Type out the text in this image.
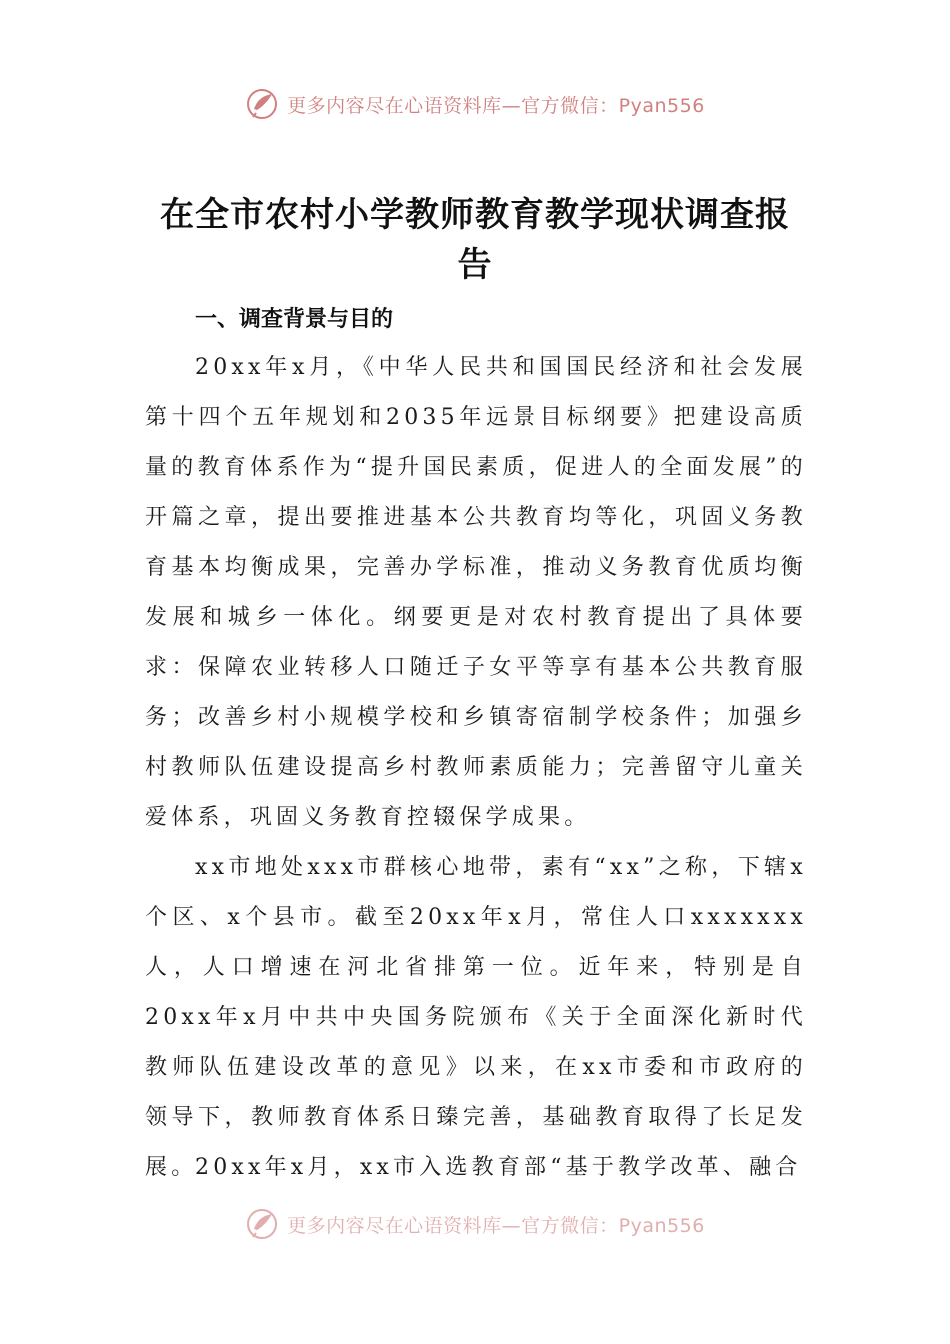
更多内容尽在心语资料库—官方微信：Pyan556
在全市农村小学教师教育教学现状调查报告
一、调查背景与目的

20xx年x月，《中华人民共和国国民经济和社会发展第十四个五年规划和2035年远景目标纲要》把建设高质量的教育体系作为“提升国民素质，促进人的全面发展”的开篇之章，提出要推进基本公共教育均等化，巩固义务教育基本均衡成果，完善办学标准，推动义务教育优质均衡发展和城乡一体化。纲要更是对农村教育提出了具体要求：保障农业转移人口随迁子女平等享有基本公共教育服务；改善乡村小规模学校和乡镇寄宿制学校条件；加强乡村教师队伍建设提高乡村教师素质能力；完善留守儿童关爱体系，巩固义务教育控辍保学成果。

xx市地处xxx市群核心地带，素有“xx”之称，下辖x个区、x个县市。截至20xx年x月，常住人口xxxxxxx人，人口增速在河北省排第一位。近年来，特别是自20xx年x月中共中央国务院颁布《关于全面深化新时代教师队伍建设改革的意见》以来，在xx市委和市政府的领导下，教师教育体系日臻完善，基础教育取得了长足发展。

20xx年x月，xx市入选教育部“基于教学改革、融合

更多内容尽在心语资料库—官方微信：Pyan556
